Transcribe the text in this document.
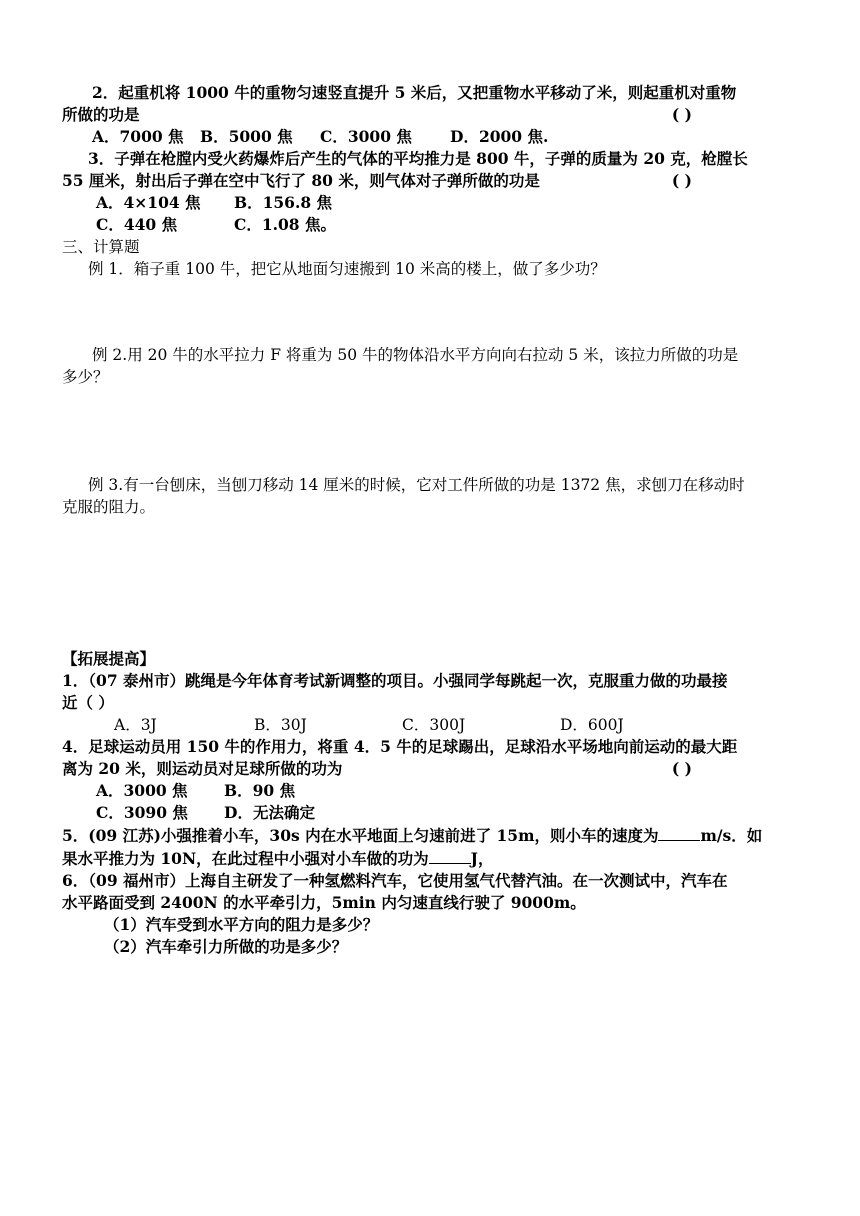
2．起重机将 1000 牛的重物匀速竖直提升 5 米后，又把重物水平移动了米，则起重机对重物
所做的功是	( )
A．7000 焦 B．5000 焦 C．3000 焦 D．2000 焦.
3．子弹在枪膛内受火药爆炸后产生的气体的平均推力是 800 牛，子弹的质量为 20 克，枪膛长
55 厘米，射出后子弹在空中飞行了 80 米，则气体对子弹所做的功是	( )
A．4×104 焦 B．156.8 焦
C．440 焦	C．1.08 焦。
三、计算题
例 1．箱子重 100 牛，把它从地面匀速搬到 10 米高的楼上，做了多少功？
例 2.用 20 牛的水平拉力 F 将重为 50 牛的物体沿水平方向向右拉动 5 米，该拉力所做的功是
多少？
例 3.有一台刨床，当刨刀移动 14 厘米的时候，它对工件所做的功是 1372 焦，求刨刀在移动时
克服的阻力。
【拓展提高】
1．（07 泰州市）跳绳是今年体育考试新调整的项目。小强同学每跳起一次，克服重力做的功最接
近（ ）
A．3J	B．30J	C．300J	D．600J
4．足球运动员用 150 牛的作用力，将重 4．5 牛的足球踢出，足球沿水平场地向前运动的最大距
离为 20 米，则运动员对足球所做的功为	( )
A．3000 焦 B．90 焦
C．3090 焦 D．无法确定
5．(09 江苏)小强推着小车，30s 内在水平地面上匀速前进了 15m，则小车的速度为	m/s．如
果水平推力为 10N，在此过程中小强对小车做的功为	J，
6．（09 福州市）上海自主研发了一种氢燃料汽车，它使用氢气代替汽油。在一次测试中，汽车在
水平路面受到 2400N 的水平牵引力，5min 内匀速直线行驶了 9000m。
（1）汽车受到水平方向的阻力是多少？
（2）汽车牵引力所做的功是多少？
